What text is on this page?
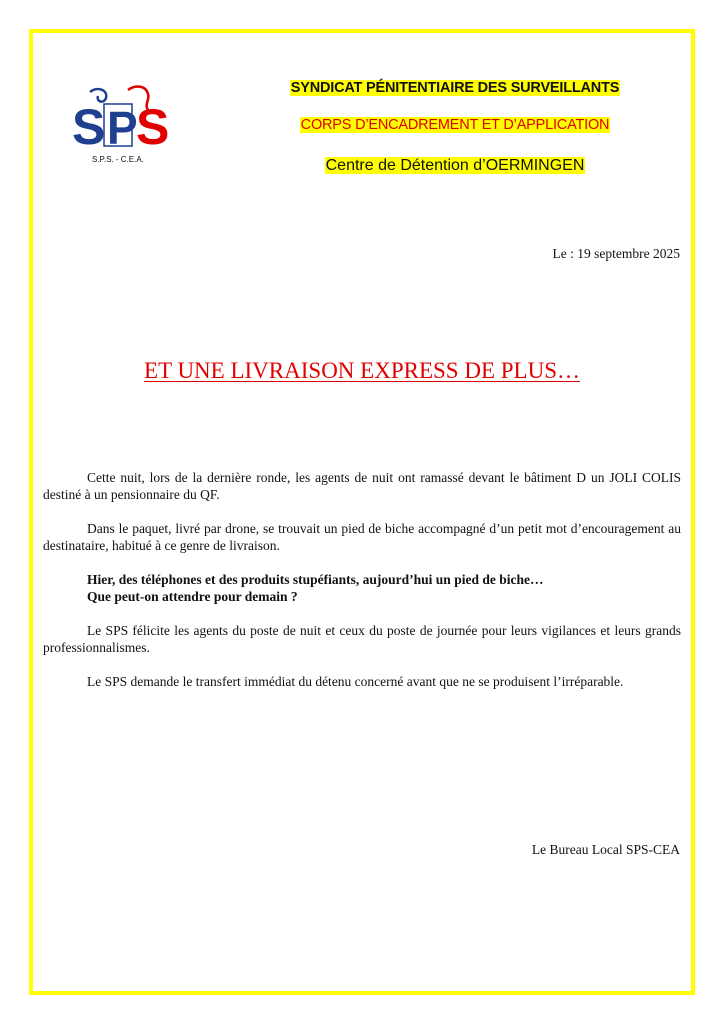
S P
S
S.P.S. - C.E.A.
SYNDICAT PÉNITENTIAIRE DES SURVEILLANTS
CORPS D’ENCADREMENT ET D’APPLICATION
Centre de Détention d’OERMINGEN
Le : 19 septembre 2025
ET UNE LIVRAISON EXPRESS DE PLUS…

Cette nuit, lors de la dernière ronde, les agents de nuit ont ramassé devant le bâtiment D un JOLI COLIS destiné à un pensionnaire du QF.

Dans le paquet, livré par drone, se trouvait un pied de biche accompagné d’un petit mot d’encouragement au destinataire, habitué à ce genre de livraison.

Hier, des téléphones et des produits stupéfiants, aujourd’hui un pied de biche…
Que peut-on attendre pour demain ?

Le SPS félicite les agents du poste de nuit et ceux du poste de journée pour leurs vigilances et leurs grands professionnalismes.

Le SPS demande le transfert immédiat du détenu concerné avant que ne se produisent l’irréparable.

Le Bureau Local SPS-CEA
